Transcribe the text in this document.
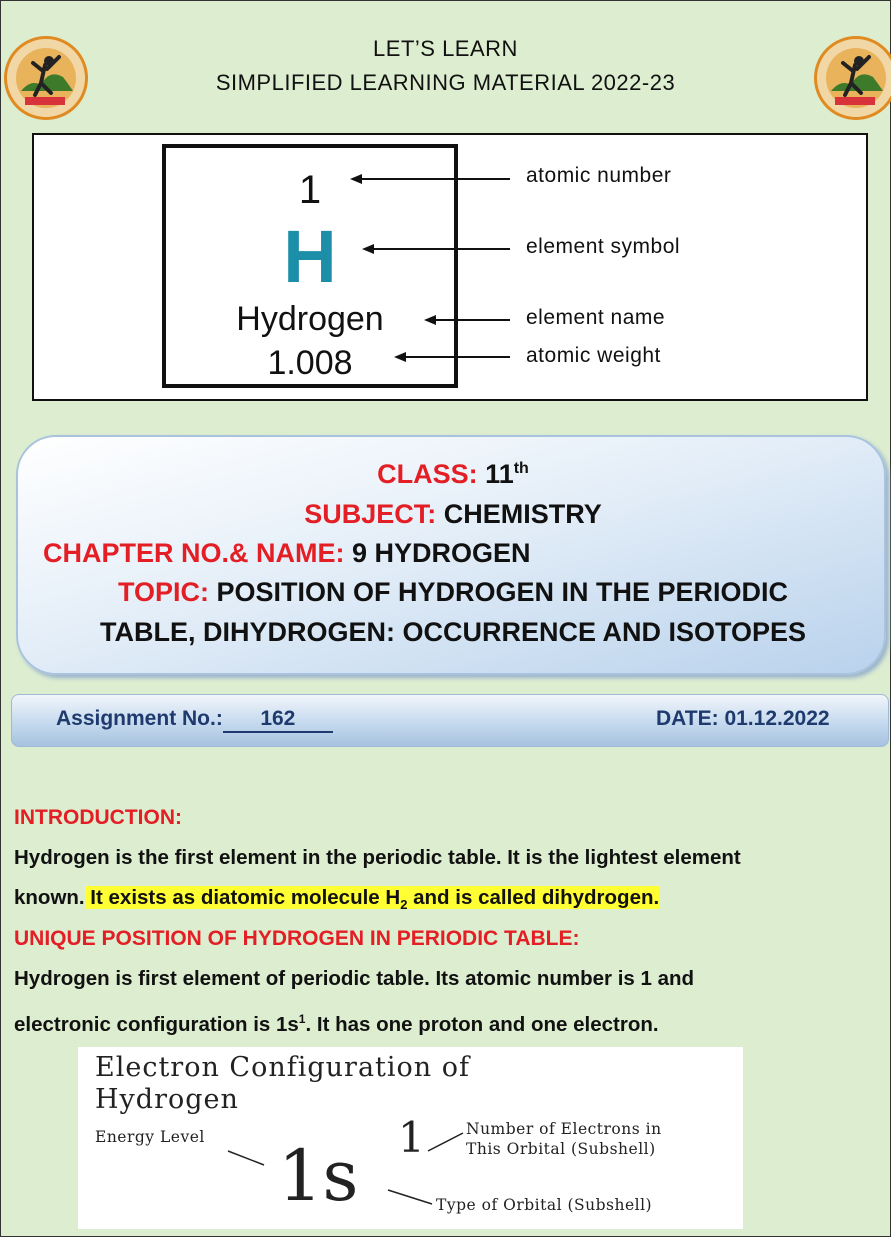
LET’S LEARN
SIMPLIFIED LEARNING MATERIAL 2022-23
1
H
Hydrogen
1.008
atomic number
element symbol
element name
atomic weight
CLASS: 11th
SUBJECT: CHEMISTRY
CHAPTER NO.& NAME: 9 HYDROGEN
TOPIC: POSITION OF HYDROGEN IN THE PERIODIC
TABLE, DIHYDROGEN: OCCURRENCE AND ISOTOPES
Assignment No.: 162	DATE: 01.12.2022
INTRODUCTION:
Hydrogen is the first element in the periodic table. It is the lightest element
known. It exists as diatomic molecule $H_2$ and is called dihydrogen.
UNIQUE POSITION OF HYDROGEN IN PERIODIC TABLE:
Hydrogen is first element of periodic table. Its atomic number is 1 and
electronic configuration is $1s^1$. It has one proton and one electron.
Electron Configuration of
Hydrogen
Energy Level 1s 1	Number of Electrons in
This Orbital (Subshell)
Type of Orbital (Subshell)
